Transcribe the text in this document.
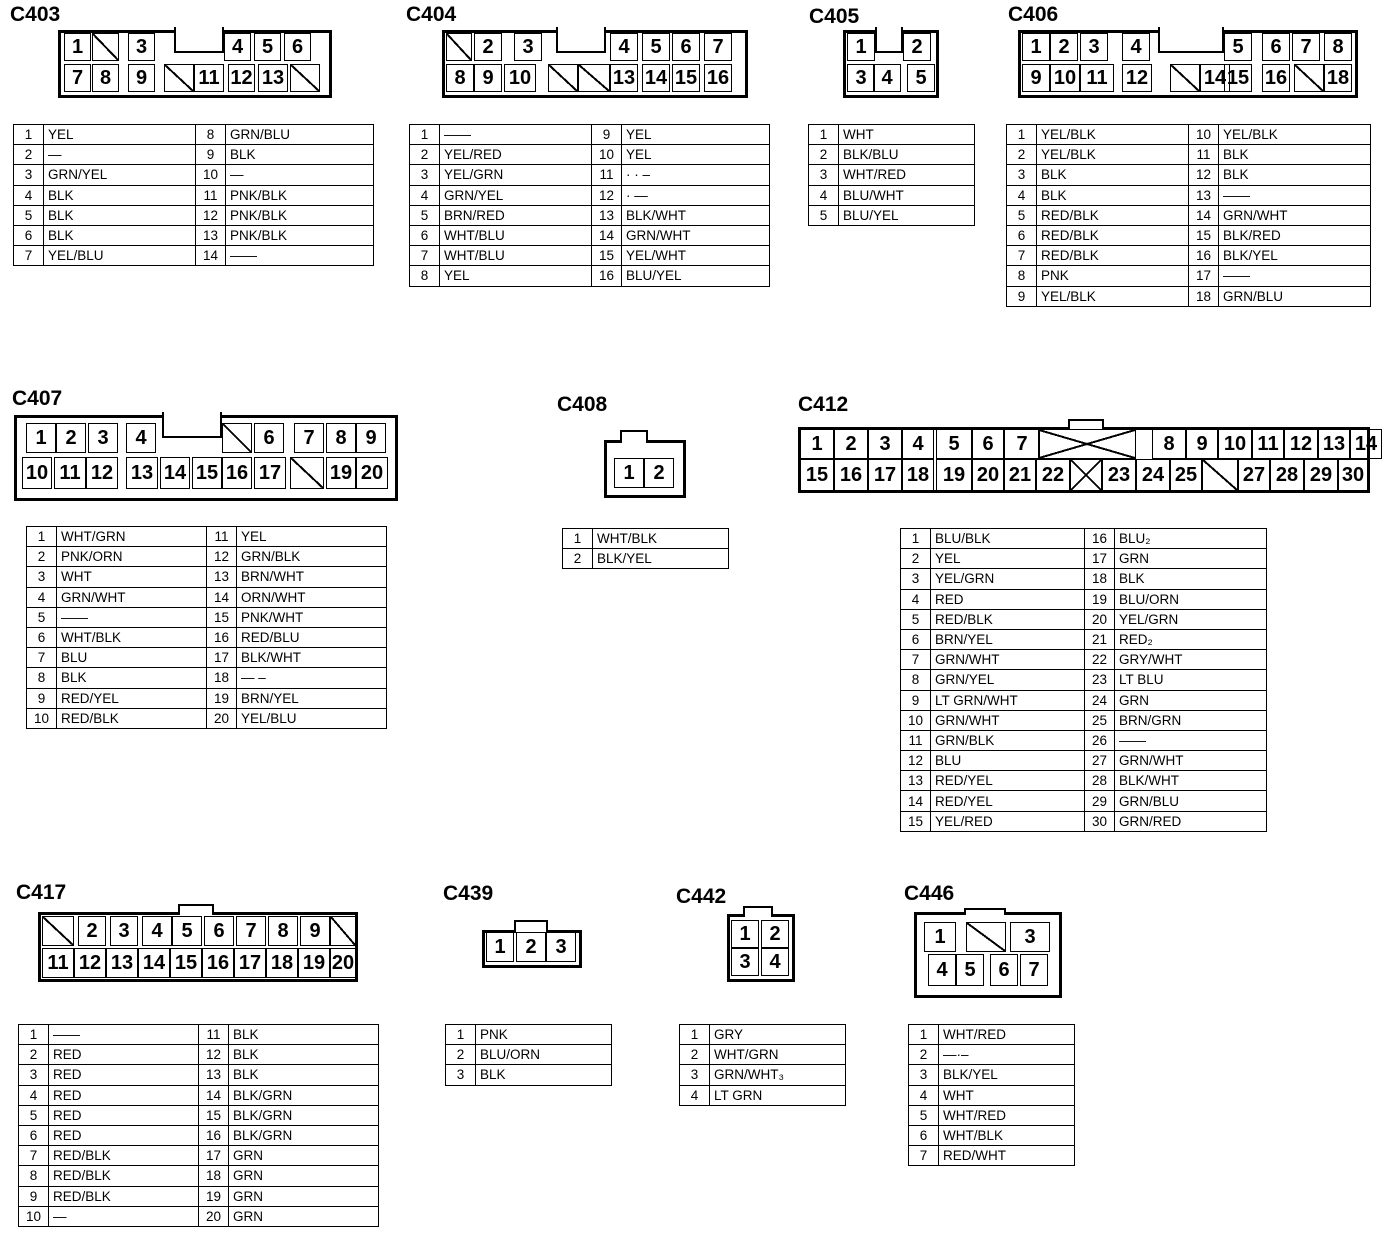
C403
1	3	4 5 6
7 8	9	11 12 13
1	YEL	8	GRN/BLU
2	—	9	BLK
3	GRN/YEL	10	—
4	BLK	11	PNK/BLK
5	BLK	12	PNK/BLK
6	BLK	13	PNK/BLK
7	YEL/BLU	14	——
C404
2	3	4	5 6	7
8 9 10	13 14 15 16
1	——	9	YEL
2	YEL/RED	10	YEL
3	YEL/GRN	11	· · –
4	GRN/YEL	12	· —
5	BRN/RED	13	BLK/WHT
6	WHT/BLU	14	GRN/WHT
7	WHT/BLU	15	YEL/WHT
8	YEL	16	BLU/YEL
C405
1	2
3 4	5
1	WHT
2	BLK/BLU
3	WHT/RED
4	BLU/WHT
5	BLU/YEL
C406
1 2 3	4	5	6 7	8
9 10 11 12	14 15 16 18
1	YEL/BLK	10	YEL/BLK
2	YEL/BLK	11	BLK
3	BLK	12	BLK
4	BLK	13	——
5	RED/BLK	14	GRN/WHT
6	RED/BLK	15	BLK/RED
7	RED/BLK	16	BLK/YEL
8	PNK	17	——
9	YEL/BLK	18	GRN/BLU
C407
1 2	3	4	6	7	8 9
10 11 12 13 14 15 16 17 19 20
1	WHT/GRN	11	YEL
2	PNK/ORN	12	GRN/BLK
3	WHT	13	BRN/WHT
4	GRN/WHT	14	ORN/WHT
5	——	15	PNK/WHT
6	WHT/BLK	16	RED/BLU
7	BLU	17	BLK/WHT
8	BLK	18	— –
9	RED/YEL	19	BRN/YEL
10	RED/BLK	20	YEL/BLU
C408
1 2
1	WHT/BLK
2	BLK/YEL
C412
1	2	3	4	5	6	7	8	9 10 11 12 13 14
15 16 17 18 19 20 21 22 23 24 25 27 28 29 30
1	BLU/BLK	16	BLU₂
2	YEL	17	GRN
3	YEL/GRN	18	BLK
4	RED	19	BLU/ORN
5	RED/BLK	20	YEL/GRN
6	BRN/YEL	21	RED₂
7	GRN/WHT	22	GRY/WHT
8	GRN/YEL	23	LT BLU
9	LT GRN/WHT	24	GRN
10	GRN/WHT	25	BRN/GRN
11	GRN/BLK	26	——
12	BLU	27	GRN/WHT
13	RED/YEL	28	BLK/WHT
14	RED/YEL	29	GRN/BLU
15	YEL/RED	30	GRN/RED
C417
2	3	4 5	6	7	8	9
11 12 13 14 15 16 17 18 19 20
1	——	11	BLK
2	RED	12	BLK
3	RED	13	BLK
4	RED	14	BLK/GRN
5	RED	15	BLK/GRN
6	RED	16	BLK/GRN
7	RED/BLK	17	GRN
8	RED/BLK	18	GRN
9	RED/BLK	19	GRN
10	—	20	GRN
C439
1 2 3
1	PNK
2	BLU/ORN
3	BLK
C442
1 2
3 4
1	GRY
2	WHT/GRN
3	GRN/WHT₃
4	LT GRN
C446
1	3
4 5	6 7
1	WHT/RED
2	—·–
3	BLK/YEL
4	WHT
5	WHT/RED
6	WHT/BLK
7	RED/WHT
